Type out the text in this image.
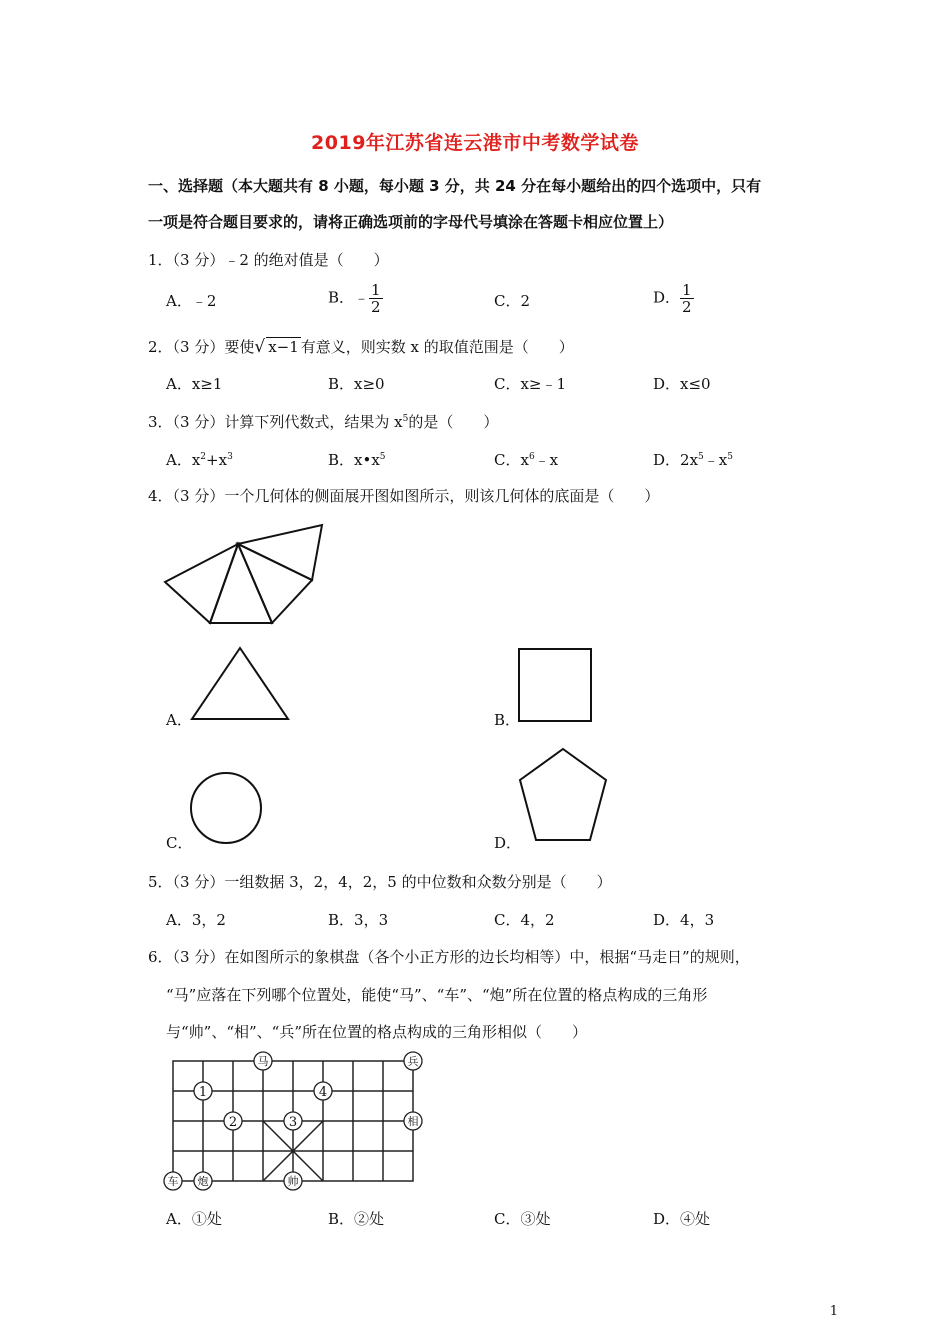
2019年江苏省连云港市中考数学试卷
一、选择题（本大题共有 8 小题，每小题 3 分，共 24 分在每小题给出的四个选项中，只有
一项是符合题目要求的，请将正确选项前的字母代号填涂在答题卡相应位置上）
1．（3 分）﹣2 的绝对值是（　　）
A．﹣2	B．﹣ $\frac{1}{2}$	C．2	D． $\frac{1}{2}$
2．（3 分）要使√ x−1 有意义，则实数 x 的取值范围是（　　）
A．x≥1	B．x≥0	C．x≥﹣1	D．x≤0
3．（3 分）计算下列代数式，结果为 $x^5$的是（　　）
A．$x^2+x^3$	B．$x•x^5$	C．$x^6﹣x$	D．$2x^5﹣x^5$
4．（3 分）一个几何体的侧面展开图如图所示，则该几何体的底面是（　　）
A．	B．
C．	D．
5．（3 分）一组数据 3，2，4，2，5 的中位数和众数分别是（　　）
A．3，2	B．3，3	C．4，2	D．4，3
6．（3 分）在如图所示的象棋盘（各个小正方形的边长均相等）中，根据“马走日”的规则，
“马”应落在下列哪个位置处，能使“马”、“车”、“炮”所在位置的格点构成的三角形
与“帅”、“相”、“兵”所在位置的格点构成的三角形相似（　　）
马	兵
相
车 炮	帅
1
2	3
4
A．①处	B．②处	C．③处	D．④处
1
